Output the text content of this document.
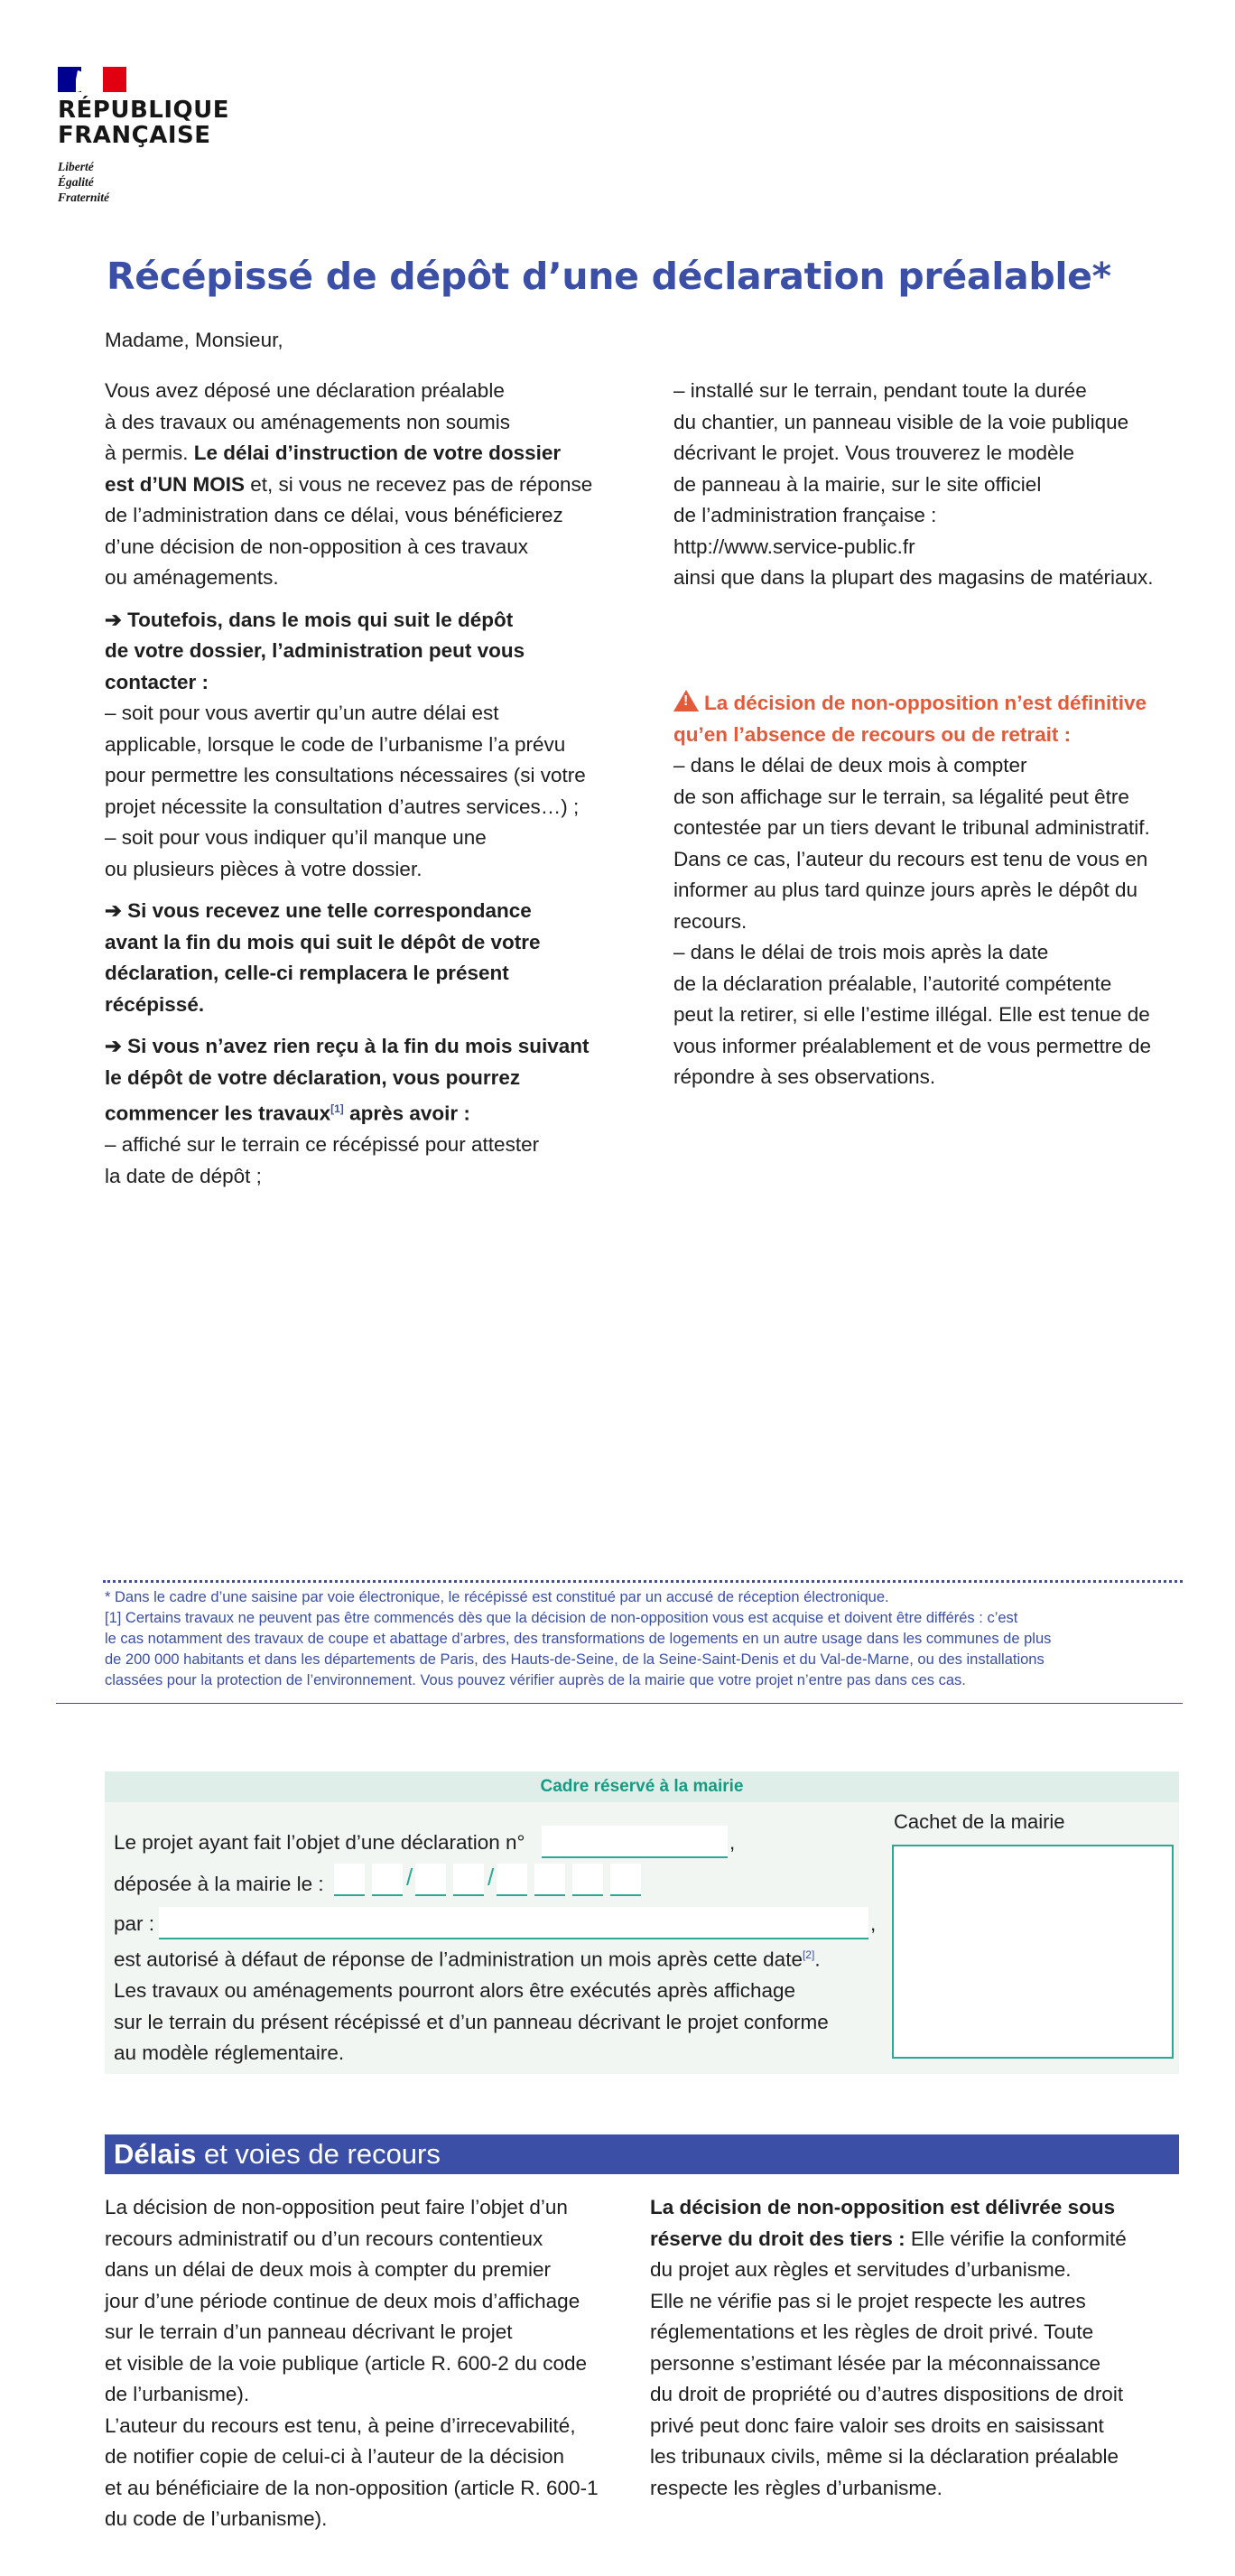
RÉPUBLIQUE
FRANÇAISE
Liberté
Égalité
Fraternité
Récépissé de dépôt d’une déclaration préalable*
Madame, Monsieur,
Vous avez déposé une déclaration préalable
à des travaux ou aménagements non soumis
à permis. Le délai d’instruction de votre dossier
est d’UN MOIS et, si vous ne recevez pas de réponse
de l’administration dans ce délai, vous bénéficierez
d’une décision de non-opposition à ces travaux
ou aménagements.
➔ Toutefois, dans le mois qui suit le dépôt
de votre dossier, l’administration peut vous
contacter :
– soit pour vous avertir qu’un autre délai est
applicable, lorsque le code de l’urbanisme l’a prévu
pour permettre les consultations nécessaires (si votre
projet nécessite la consultation d’autres services…) ;
– soit pour vous indiquer qu’il manque une
ou plusieurs pièces à votre dossier.
➔ Si vous recevez une telle correspondance
avant la fin du mois qui suit le dépôt de votre
déclaration, celle-ci remplacera le présent
récépissé.
➔ Si vous n’avez rien reçu à la fin du mois suivant
le dépôt de votre déclaration, vous pourrez
commencer les travaux[1] après avoir :
– affiché sur le terrain ce récépissé pour attester
la date de dépôt ;
– installé sur le terrain, pendant toute la durée
du chantier, un panneau visible de la voie publique
décrivant le projet. Vous trouverez le modèle
de panneau à la mairie, sur le site officiel
de l’administration française :
http://www.service-public.fr
ainsi que dans la plupart des magasins de matériaux.
!La décision de non-opposition n’est définitive
qu’en l’absence de recours ou de retrait :
– dans le délai de deux mois à compter
de son affichage sur le terrain, sa légalité peut être
contestée par un tiers devant le tribunal administratif.
Dans ce cas, l’auteur du recours est tenu de vous en
informer au plus tard quinze jours après le dépôt du
recours.
– dans le délai de trois mois après la date
de la déclaration préalable, l’autorité compétente
peut la retirer, si elle l’estime illégal. Elle est tenue de
vous informer préalablement et de vous permettre de
répondre à ses observations.
* Dans le cadre d’une saisine par voie électronique, le récépissé est constitué par un accusé de réception électronique.
[1] Certains travaux ne peuvent pas être commencés dès que la décision de non-opposition vous est acquise et doivent être différés : c’est
le cas notamment des travaux de coupe et abattage d’arbres, des transformations de logements en un autre usage dans les communes de plus
de 200 000 habitants et dans les départements de Paris, des Hauts-de-Seine, de la Seine-Saint-Denis et du Val-de-Marne, ou des installations
classées pour la protection de l’environnement. Vous pouvez vérifier auprès de la mairie que votre projet n’entre pas dans ces cas.
Cadre réservé à la mairie
Cachet de la mairie
Le projet ayant fait l’objet d’une déclaration n°	,
déposée à la mairie le :	/	/
par :	,
est autorisé à défaut de réponse de l’administration un mois après cette date[2].
Les travaux ou aménagements pourront alors être exécutés après affichage
sur le terrain du présent récépissé et d’un panneau décrivant le projet conforme
au modèle réglementaire.
Délais et voies de recours
La décision de non-opposition peut faire l’objet d’un
recours administratif ou d’un recours contentieux
dans un délai de deux mois à compter du premier
jour d’une période continue de deux mois d’affichage
sur le terrain d’un panneau décrivant le projet
et visible de la voie publique (article R. 600-2 du code
de l’urbanisme).
L’auteur du recours est tenu, à peine d’irrecevabilité,
de notifier copie de celui-ci à l’auteur de la décision
et au bénéficiaire de la non-opposition (article R. 600-1
du code de l’urbanisme).
La décision de non-opposition est délivrée sous
réserve du droit des tiers : Elle vérifie la conformité
du projet aux règles et servitudes d’urbanisme.
Elle ne vérifie pas si le projet respecte les autres
réglementations et les règles de droit privé. Toute
personne s’estimant lésée par la méconnaissance
du droit de propriété ou d’autres dispositions de droit
privé peut donc faire valoir ses droits en saisissant
les tribunaux civils, même si la déclaration préalable
respecte les règles d’urbanisme.
